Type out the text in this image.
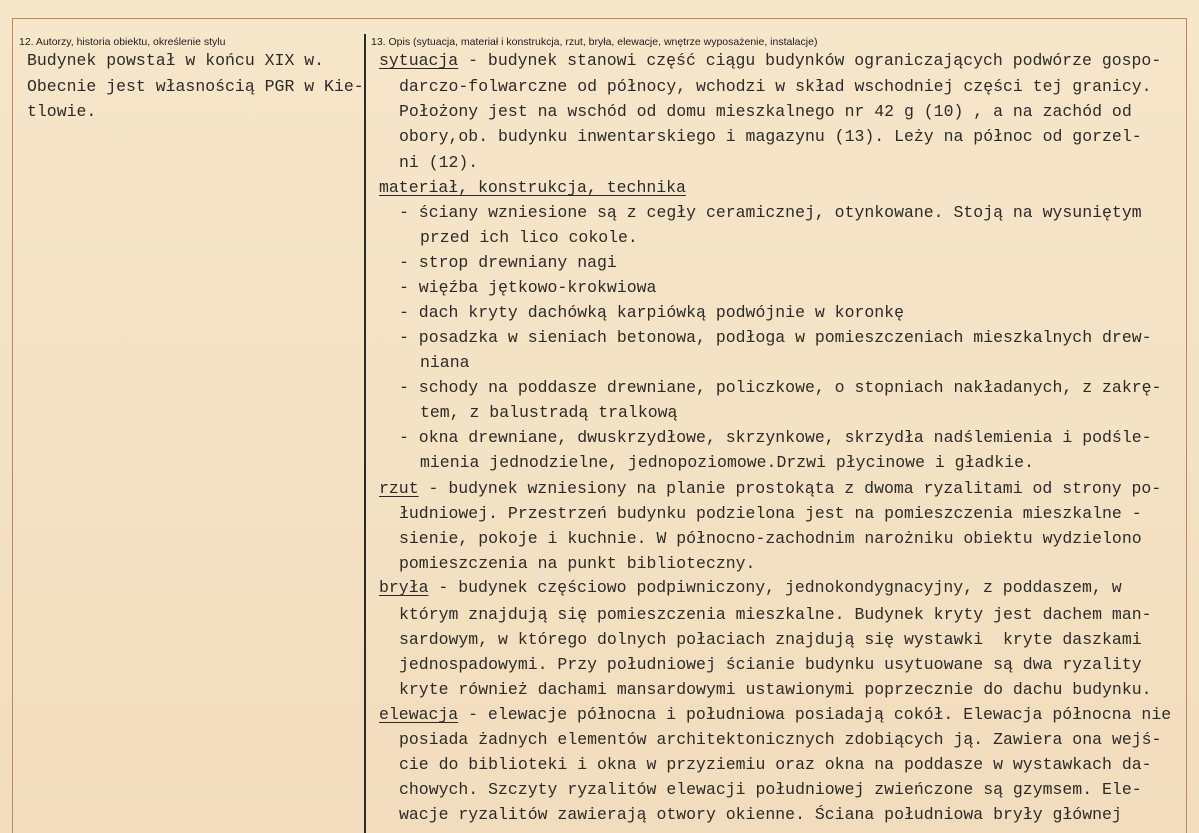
12. Autorzy, historia obiektu, określenie stylu	13. Opis (sytuacja, materiał i konstrukcja, rzut, bryła, elewacje, wnętrze wyposażenie, instalacje)
Budynek powstał w końcu XIX w.
Obecnie jest własnością PGR w Kie-
tlowie.
sytuacja - budynek stanowi część ciągu budynków ograniczających podwórze gospo-
darczo-folwarczne od północy, wchodzi w skład wschodniej części tej granicy.
Położony jest na wschód od domu mieszkalnego nr 42 g (10) , a na zachód od
obory,ob. budynku inwentarskiego i magazynu (13). Leży na północ od gorzel-
ni (12).
materiał, konstrukcja, technika
- ściany wzniesione są z cegły ceramicznej, otynkowane. Stoją na wysuniętym
przed ich lico cokole.
- strop drewniany nagi
- więźba jętkowo-krokwiowa
- dach kryty dachówką karpiówką podwójnie w koronkę
- posadzka w sieniach betonowa, podłoga w pomieszczeniach mieszkalnych drew-
niana
- schody na poddasze drewniane, policzkowe, o stopniach nakładanych, z zakrę-
tem, z balustradą tralkową
- okna drewniane, dwuskrzydłowe, skrzynkowe, skrzydła nadślemienia i podśle-
mienia jednodzielne, jednopoziomowe.Drzwi płycinowe i gładkie.
rzut - budynek wzniesiony na planie prostokąta z dwoma ryzalitami od strony po-
łudniowej. Przestrzeń budynku podzielona jest na pomieszczenia mieszkalne -
sienie, pokoje i kuchnie. W północno-zachodnim narożniku obiektu wydzielono
pomieszczenia na punkt biblioteczny.
bryła - budynek częściowo podpiwniczony, jednokondygnacyjny, z poddaszem, w
którym znajdują się pomieszczenia mieszkalne. Budynek kryty jest dachem man-
sardowym, w którego dolnych połaciach znajdują się wystawki  kryte daszkami
jednospadowymi. Przy południowej ścianie budynku usytuowane są dwa ryzality
kryte również dachami mansardowymi ustawionymi poprzecznie do dachu budynku.
elewacja - elewacje północna i południowa posiadają cokół. Elewacja północna nie
posiada żadnych elementów architektonicznych zdobiących ją. Zawiera ona wejś-
cie do biblioteki i okna w przyziemiu oraz okna na poddasze w wystawkach da-
chowych. Szczyty ryzalitów elewacji południowej zwieńczone są gzymsem. Ele-
wacje ryzalitów zawierają otwory okienne. Ściana południowa bryły głównej
